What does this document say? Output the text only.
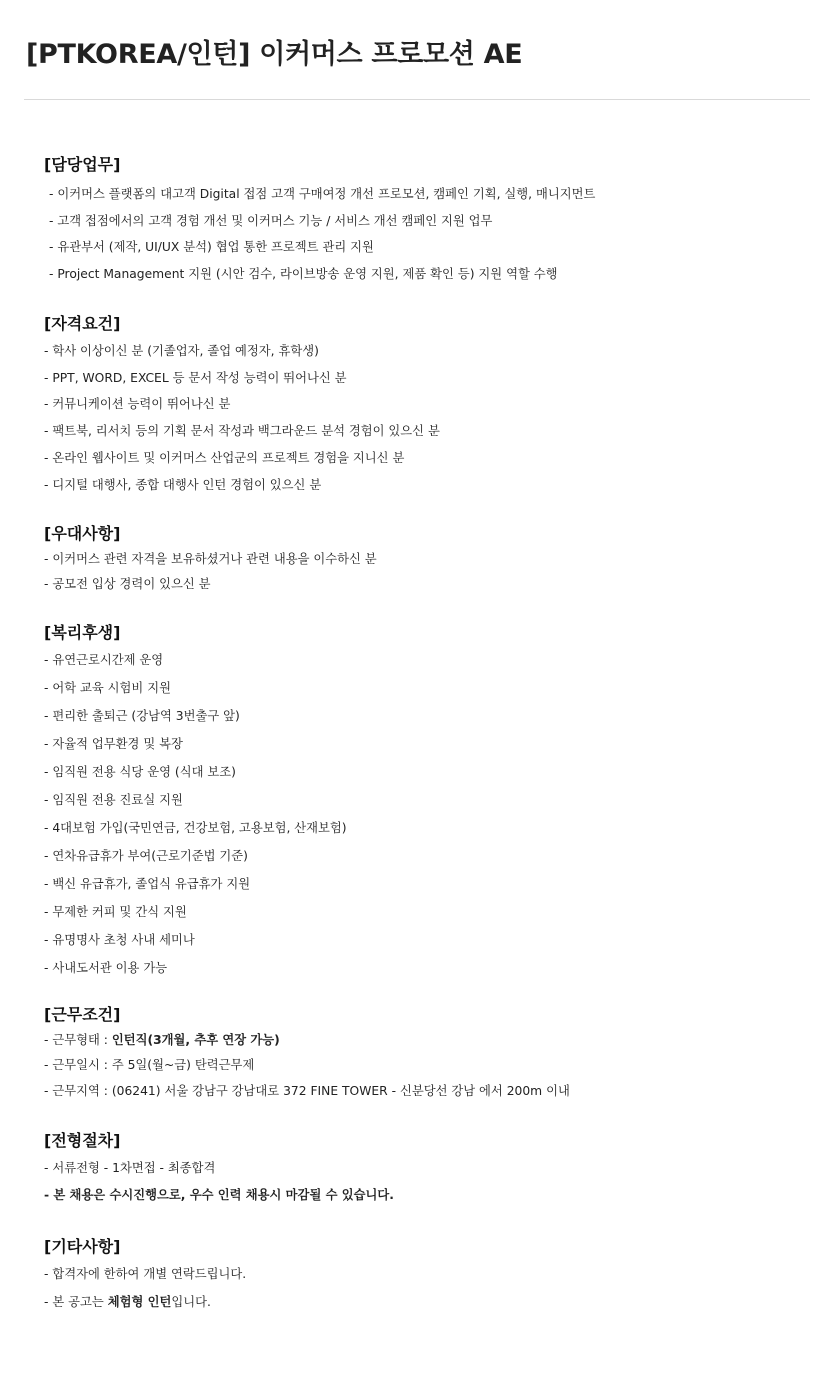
[PTKOREA/인턴] 이커머스 프로모션 AE
[담당업무]
- 이커머스 플랫폼의 대고객 Digital 접점 고객 구매여정 개선 프로모션, 캠페인 기획, 실행, 매니지먼트
- 고객 접점에서의 고객 경험 개선 및 이커머스 기능 / 서비스 개선 캠페인 지원 업무
- 유관부서 (제작, UI/UX 분석) 협업 통한 프로젝트 관리 지원
- Project Management 지원 (시안 검수, 라이브방송 운영 지원, 제품 확인 등) 지원 역할 수행
[자격요건]
- 학사 이상이신 분 (기졸업자, 졸업 예정자, 휴학생)
- PPT, WORD, EXCEL 등 문서 작성 능력이 뛰어나신 분
- 커뮤니케이션 능력이 뛰어나신 분
- 팩트북, 리서치 등의 기획 문서 작성과 백그라운드 분석 경험이 있으신 분
- 온라인 웹사이트 및 이커머스 산업군의 프로젝트 경험을 지니신 분
- 디지털 대행사, 종합 대행사 인턴 경험이 있으신 분
[우대사항]
- 이커머스 관련 자격을 보유하셨거나 관련 내용을 이수하신 분
- 공모전 입상 경력이 있으신 분
[복리후생]
- 유연근로시간제 운영
- 어학 교육 시험비 지원
- 편리한 출퇴근 (강남역 3번출구 앞)
- 자율적 업무환경 및 복장
- 임직원 전용 식당 운영 (식대 보조)
- 임직원 전용 진료실 지원
- 4대보험 가입(국민연금, 건강보험, 고용보험, 산재보험)
- 연차유급휴가 부여(근로기준법 기준)
- 백신 유급휴가, 졸업식 유급휴가 지원
- 무제한 커피 및 간식 지원
- 유명명사 초청 사내 세미나
- 사내도서관 이용 가능
[근무조건]
- 근무형태 : 인턴직(3개월, 추후 연장 가능)
- 근무일시 : 주 5일(월~금) 탄력근무제
- 근무지역 : (06241) 서울 강남구 강남대로 372 FINE TOWER - 신분당선 강남 에서 200m 이내
[전형절차]
- 서류전형 - 1차면접 - 최종합격
- 본 채용은 수시진행으로, 우수 인력 채용시 마감될 수 있습니다.
[기타사항]
- 합격자에 한하여 개별 연락드립니다.
- 본 공고는 체험형 인턴입니다.
